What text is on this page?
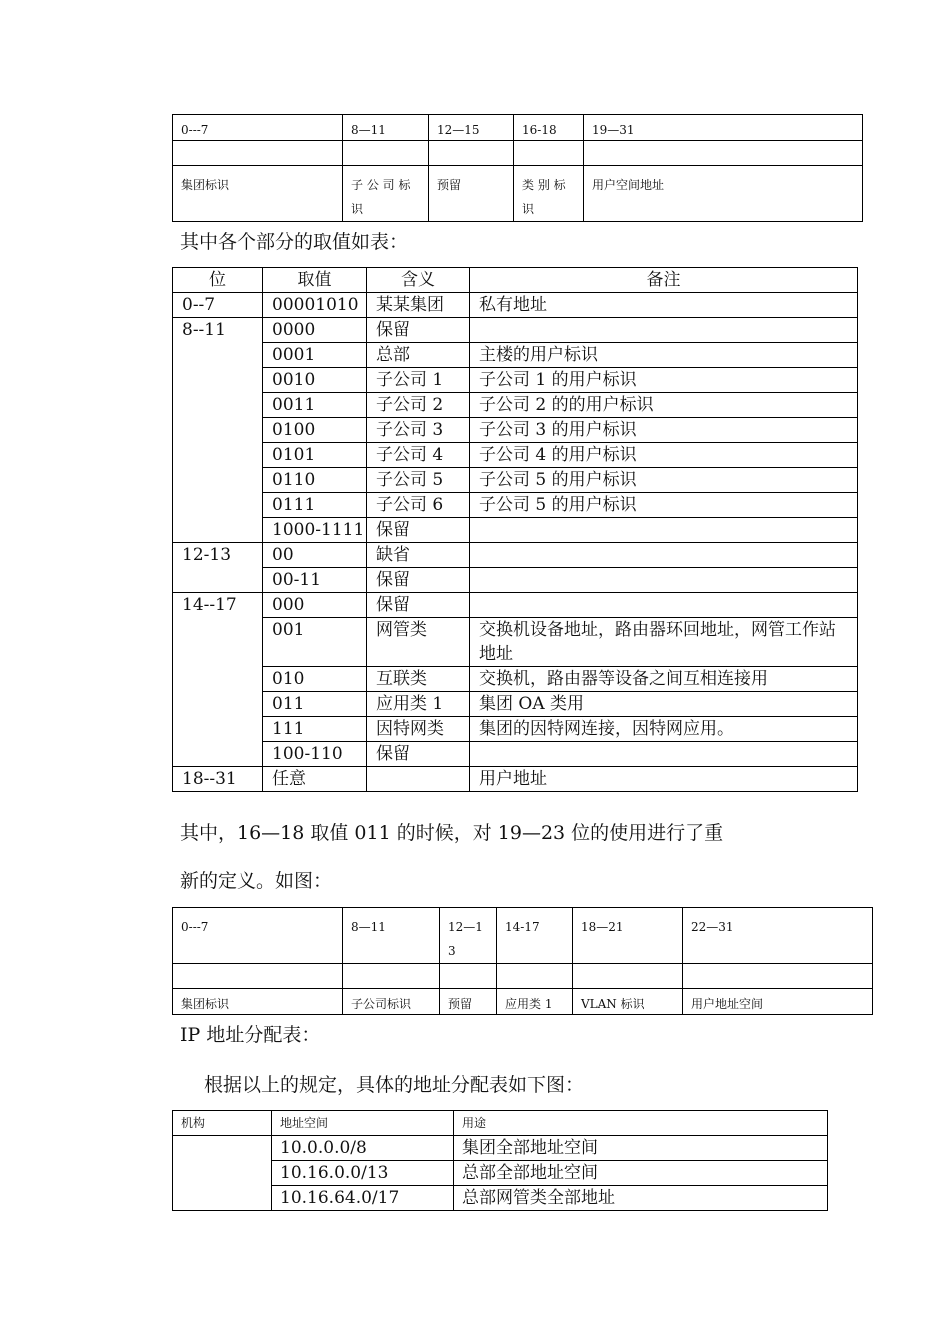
0---7	8—11	12—15	16-18	19—31

集团标识	子 公 司 标 识	预留	类 别 标 识	用户空间地址

其中各个部分的取值如表：

位	取值	含义	备注
0--7	00001010	某某集团	私有地址
8--11	0000	保留	
	0001	总部	主楼的用户标识
	0010	子公司 1	子公司 1 的用户标识
	0011	子公司 2	子公司 2 的的用户标识
	0100	子公司 3	子公司 3 的用户标识
	0101	子公司 4	子公司 4 的用户标识
	0110	子公司 5	子公司 5 的用户标识
	0111	子公司 6	子公司 5 的用户标识
	1000-1111	保留	
12-13	00	缺省	
	00-11	保留	
14--17	000	保留	
	001	网管类	交换机设备地址，路由器环回地址，网管工作站地址
	010	互联类	交换机，路由器等设备之间互相连接用
	011	应用类 1	集团 OA 类用
	111	因特网类	集团的因特网连接，因特网应用。
	100-110	保留	
18--31	任意		用户地址

其中，16—18 取值 011 的时候，对 19—23 位的使用进行了重

新的定义。如图：

0---7	8—11	12—1 3	14-17	18—21	22—31

集团标识	子公司标识	预留	应用类 1	VLAN 标识	用户地址空间

IP 地址分配表：

根据以上的规定，具体的地址分配表如下图：

机构	地址空间	用途
	10.0.0.0/8	集团全部地址空间
	10.16.0.0/13	总部全部地址空间
	10.16.64.0/17	总部网管类全部地址
